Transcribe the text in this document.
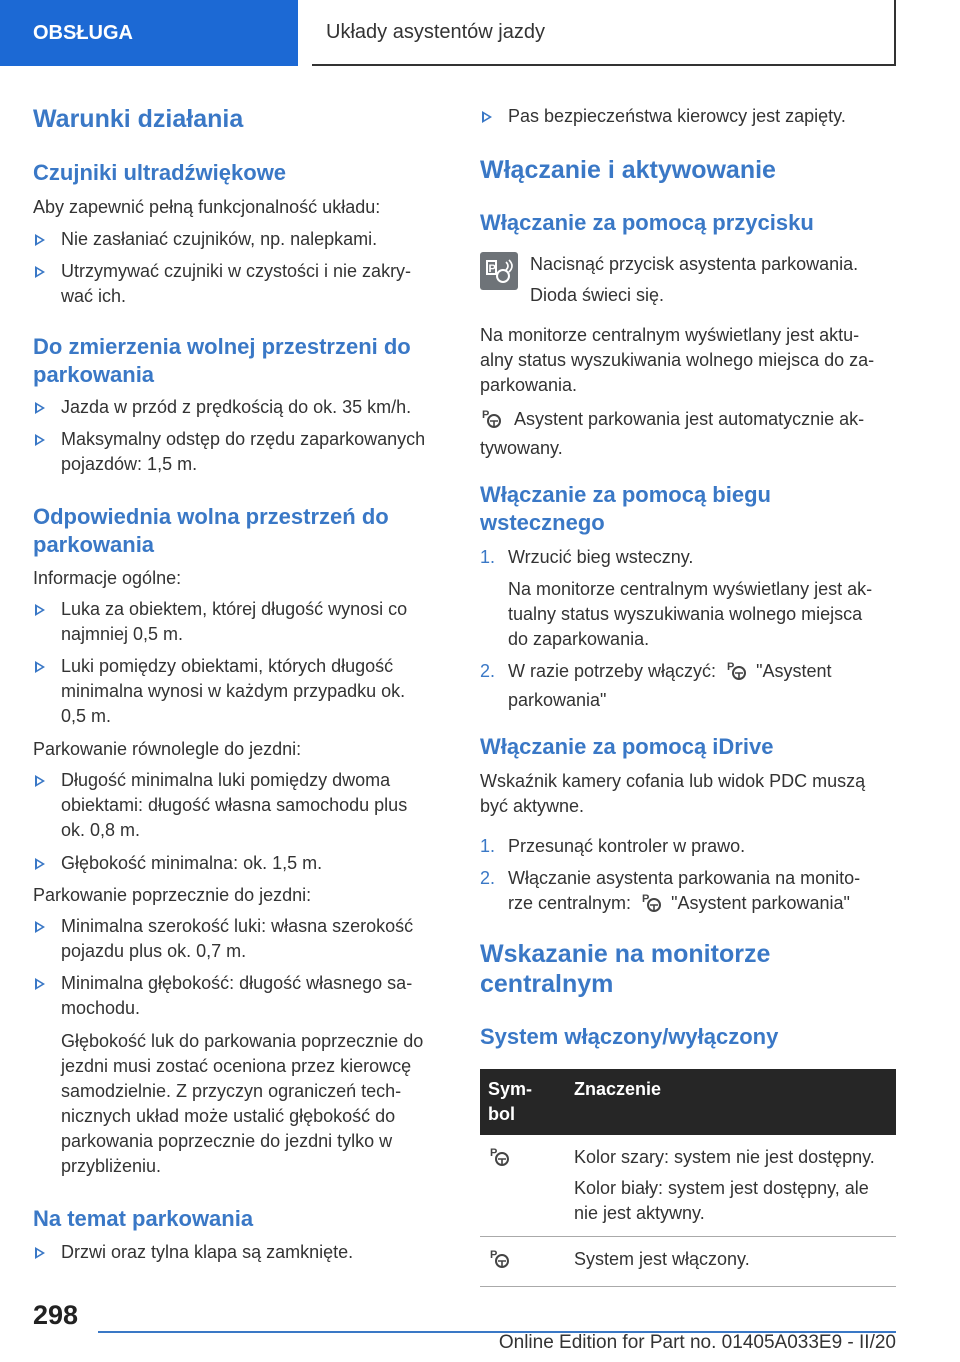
OBSŁUGA	Układy asystentów jazdy
Warunki działania
Czujniki ultradźwiękowe
Aby zapewnić pełną funkcjonalność układu:
Nie zasłaniać czujników, np. nalepkami.
Utrzymywać czujniki w czystości i nie zakry‐
wać ich.
Do zmierzenia wolnej przestrzeni do
parkowania
Jazda w przód z prędkością do ok. 35 km/h.
Maksymalny odstęp do rzędu zaparkowanych
pojazdów: 1,5 m.
Odpowiednia wolna przestrzeń do
parkowania
Informacje ogólne:
Luka za obiektem, której długość wynosi co
najmniej 0,5 m.
Luki pomiędzy obiektami, których długość
minimalna wynosi w każdym przypadku ok.
0,5 m.
Parkowanie równolegle do jezdni:
Długość minimalna luki pomiędzy dwoma
obiektami: długość własna samochodu plus
ok. 0,8 m.
Głębokość minimalna: ok. 1,5 m.
Parkowanie poprzecznie do jezdni:
Minimalna szerokość luki: własna szerokość
pojazdu plus ok. 0,7 m.
Minimalna głębokość: długość własnego sa‐
mochodu.
Głębokość luk do parkowania poprzecznie do
jezdni musi zostać oceniona przez kierowcę
samodzielnie. Z przyczyn ograniczeń tech‐
nicznych układ może ustalić głębokość do
parkowania poprzecznie do jezdni tylko w
przybliżeniu.
Na temat parkowania
Drzwi oraz tylna klapa są zamknięte.
Pas bezpieczeństwa kierowcy jest zapięty.
Włączanie i aktywowanie
Włączanie za pomocą przycisku
P Nacisnąć przycisk asystenta parkowania.
Dioda świeci się.
Na monitorze centralnym wyświetlany jest aktu‐
alny status wyszukiwania wolnego miejsca do za‐
parkowania.
P Asystent parkowania jest automatycznie ak‐
tywowany.
Włączanie za pomocą biegu
wstecznego
1. Wrzucić bieg wsteczny.
Na monitorze centralnym wyświetlany jest ak‐
tualny status wyszukiwania wolnego miejsca
do zaparkowania.
2. W razie potrzeby włączyć: P "Asystent
parkowania"
Włączanie za pomocą iDrive
Wskaźnik kamery cofania lub widok PDC muszą
być aktywne.
1. Przesunąć kontroler w prawo.
2. Włączanie asystenta parkowania na monito‐
rze centralnym: P "Asystent parkowania"
Wskazanie na monitorze
centralnym
System włączony/wyłączony
Sym‐
bol	Znaczenie

P	Kolor szary: system nie jest dostępny.
Kolor biały: system jest dostępny, ale
nie jest aktywny.

P	System jest włączony.
298
Online Edition for Part no. 01405A033E9 - II/20
